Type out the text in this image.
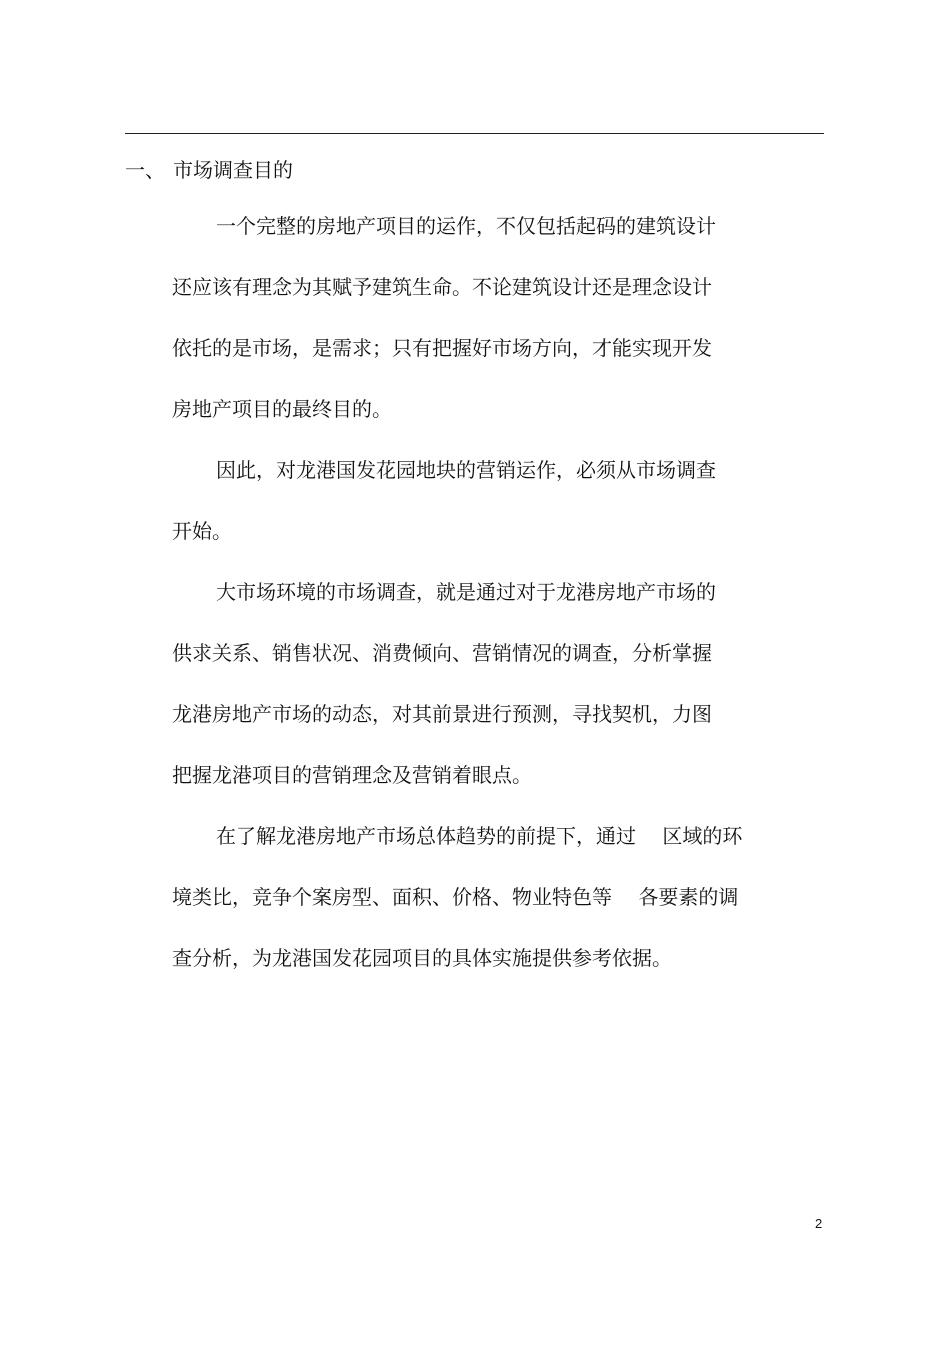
一、 市场调查目的
一个完整的房地产项目的运作，不仅包括起码的建筑设计
还应该有理念为其赋予建筑生命。不论建筑设计还是理念设计
依托的是市场，是需求；只有把握好市场方向，才能实现开发
房地产项目的最终目的。
因此，对龙港国发花园地块的营销运作，必须从市场调查
开始。
大市场环境的市场调查，就是通过对于龙港房地产市场的
供求关系、销售状况、消费倾向、营销情况的调查，分析掌握
龙港房地产市场的动态，对其前景进行预测，寻找契机，力图
把握龙港项目的营销理念及营销着眼点。
在了解龙港房地产市场总体趋势的前提下，通过　 区域的环
境类比，竞争个案房型、面积、价格、物业特色等　 各要素的调
查分析，为龙港国发花园项目的具体实施提供参考依据。
2
